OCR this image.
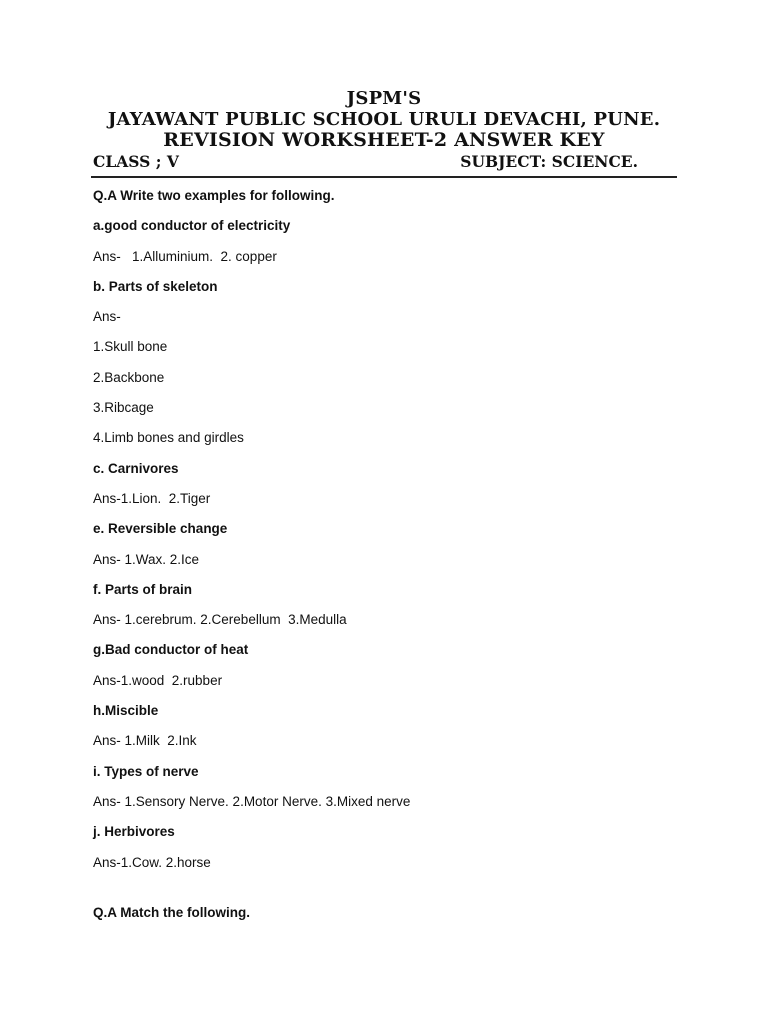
JSPM'S
JAYAWANT PUBLIC SCHOOL URULI DEVACHI, PUNE.
REVISION WORKSHEET-2 ANSWER KEY
CLASS ; V	SUBJECT: SCIENCE.
Q.A Write two examples for following.
a.good conductor of electricity
Ans-   1.Alluminium.  2. copper
b. Parts of skeleton
Ans-
1.Skull bone
2.Backbone
3.Ribcage
4.Limb bones and girdles
c. Carnivores
Ans-1.Lion.  2.Tiger
e. Reversible change
Ans- 1.Wax. 2.Ice
f. Parts of brain
Ans- 1.cerebrum. 2.Cerebellum  3.Medulla
g.Bad conductor of heat
Ans-1.wood  2.rubber
h.Miscible
Ans- 1.Milk  2.Ink
i. Types of nerve
Ans- 1.Sensory Nerve. 2.Motor Nerve. 3.Mixed nerve
j. Herbivores
Ans-1.Cow. 2.horse
Q.A Match the following.
